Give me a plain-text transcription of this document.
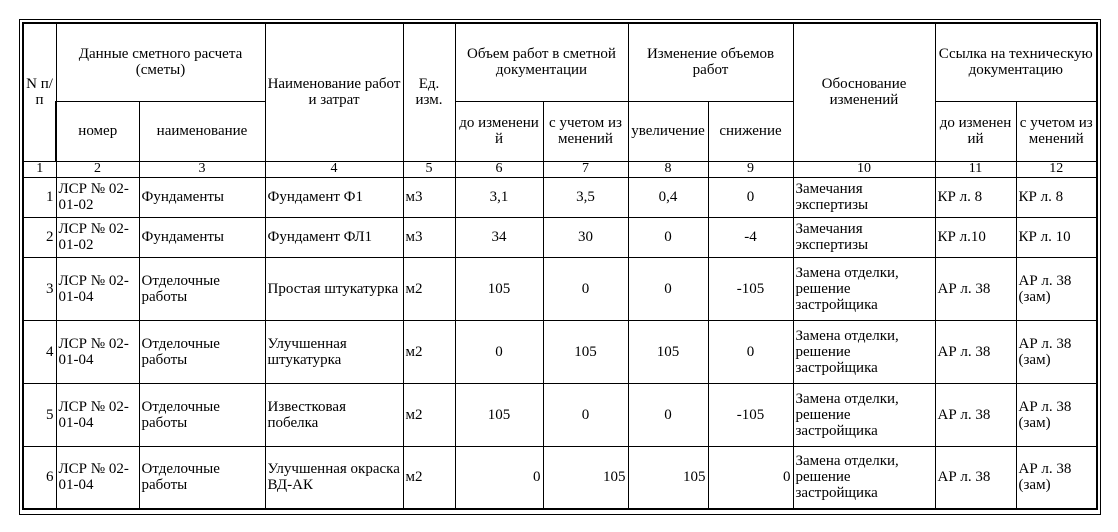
N п/п	Данные сметного расчета (сметы)		Наименование работ и затрат	Ед. изм.	Объем работ в сметной документации		Изменение объемов работ		Обоснование изменений	Ссылка на техническую документацию	
	номер	наименование			до изменений	с учетом изменений	увеличение	снижение		до изменений	с учетом изменений
1	2	3	4	5	6	7	8	9	10	11	12
1	ЛСР № 02-01-02	Фундаменты	Фундамент Ф1	м3	3,1	3,5	0,4	0	Замечания экспертизы	КР л. 8	КР л. 8
2	ЛСР № 02-01-02	Фундаменты	Фундамент ФЛ1	м3	34	30	0	-4	Замечания экспертизы	КР л.10	КР л. 10
3	ЛСР № 02-01-04	Отделочные работы	Простая штукатурка	м2	105	0	0	-105	Замена отделки, решение застройщика	АР л. 38	АР л. 38 (зам)
4	ЛСР № 02-01-04	Отделочные работы	Улучшенная штукатурка	м2	0	105	105	0	Замена отделки, решение застройщика	АР л. 38	АР л. 38 (зам)
5	ЛСР № 02-01-04	Отделочные работы	Известковая побелка	м2	105	0	0	-105	Замена отделки, решение застройщика	АР л. 38	АР л. 38 (зам)
6	ЛСР № 02-01-04	Отделочные работы	Улучшенная окраска ВД-АК	м2	0	105	105	0	Замена отделки, решение застройщика	АР л. 38	АР л. 38 (зам)
